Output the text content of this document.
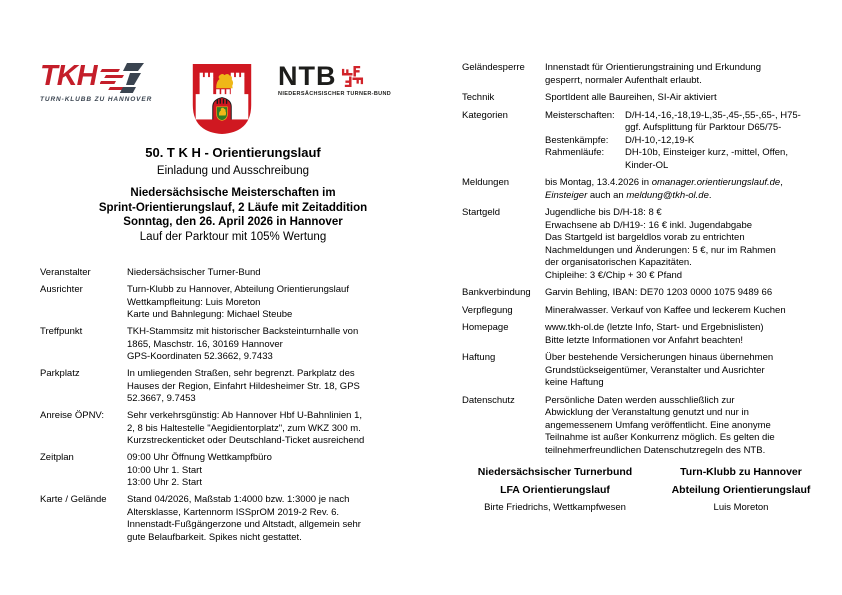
TKH
TURN-KLUBB ZU HANNOVER
NTB
NIEDERSÄCHSISCHER TURNER-BUND
50. T K H - Orientierungslauf
Einladung und Ausschreibung
Niedersächsische Meisterschaften im
Sprint-Orientierungslauf, 2 Läufe mit Zeitaddition
Sonntag, den 26. April 2026 in Hannover
Lauf der Parktour mit 105% Wertung
Veranstalter	Niedersächsischer Turner-Bund
Ausrichter	Turn-Klubb zu Hannover, Abteilung Orientierungslauf
Wettkampfleitung: Luis Moreton
Karte und Bahnlegung: Michael Steube
Treffpunkt	TKH-Stammsitz mit historischer Backsteinturnhalle von
1865, Maschstr. 16, 30169 Hannover
GPS-Koordinaten 52.3662, 9.7433
Parkplatz	In umliegenden Straßen, sehr begrenzt. Parkplatz des
Hauses der Region, Einfahrt Hildesheimer Str. 18, GPS
52.3667, 9.7453
Anreise ÖPNV:	Sehr verkehrsgünstig: Ab Hannover Hbf U-Bahnlinien 1,
2, 8 bis Haltestelle "Aegidientorplatz", zum WKZ 300 m.
Kurzstreckenticket oder Deutschland-Ticket ausreichend
Zeitplan	09:00 Uhr Öffnung Wettkampfbüro
10:00 Uhr 1. Start
13:00 Uhr 2. Start
Karte / Gelände	Stand 04/2026, Maßstab 1:4000 bzw. 1:3000 je nach
Altersklasse, Kartennorm ISSprOM 2019-2 Rev. 6.
Innenstadt-Fußgängerzone und Altstadt, allgemein sehr
gute Belaufbarkeit. Spikes nicht gestattet.
Geländesperre	Innenstadt für Orientierungstraining und Erkundung
gesperrt, normaler Aufenthalt erlaubt.
Technik	SportIdent alle Baureihen, SI-Air aktiviert
Kategorien	Meisterschaften:	D/H-14,-16,-18,19-L,35-,45-,55-,65-, H75-
ggf. Aufsplittung für Parktour D65/75-
Bestenkämpfe:	D/H-10,-12,19-K
Rahmenläufe:	DH-10b, Einsteiger kurz, -mittel, Offen,
Kinder-OL
Meldungen	bis Montag, 13.4.2026 in omanager.orientierungslauf.de,
Einsteiger auch an meldung@tkh-ol.de.
Startgeld	Jugendliche bis D/H-18: 8 €
Erwachsene ab D/H19-: 16 € inkl. Jugendabgabe
Das Startgeld ist bargeldlos vorab zu entrichten
Nachmeldungen und Änderungen: 5 €, nur im Rahmen
der organisatorischen Kapazitäten.
Chipleihe: 3 €/Chip + 30 € Pfand
Bankverbindung	Garvin Behling, IBAN: DE70 1203 0000 1075 9489 66
Verpflegung	Mineralwasser. Verkauf von Kaffee und leckerem Kuchen
Homepage	www.tkh-ol.de (letzte Info, Start- und Ergebnislisten)
Bitte letzte Informationen vor Anfahrt beachten!
Haftung	Über bestehende Versicherungen hinaus übernehmen
Grundstückseigentümer, Veranstalter und Ausrichter
keine Haftung
Datenschutz	Persönliche Daten werden ausschließlich zur
Abwicklung der Veranstaltung genutzt und nur in
angemessenem Umfang veröffentlicht. Eine anonyme
Teilnahme ist außer Konkurrenz möglich. Es gelten die
teilnehmerfreundlichen Datenschutzregeln des NTB.
Niedersächsischer Turnerbund
LFA Orientierungslauf
Birte Friedrichs, Wettkampfwesen
Turn-Klubb zu Hannover
Abteilung Orientierungslauf
Luis Moreton
